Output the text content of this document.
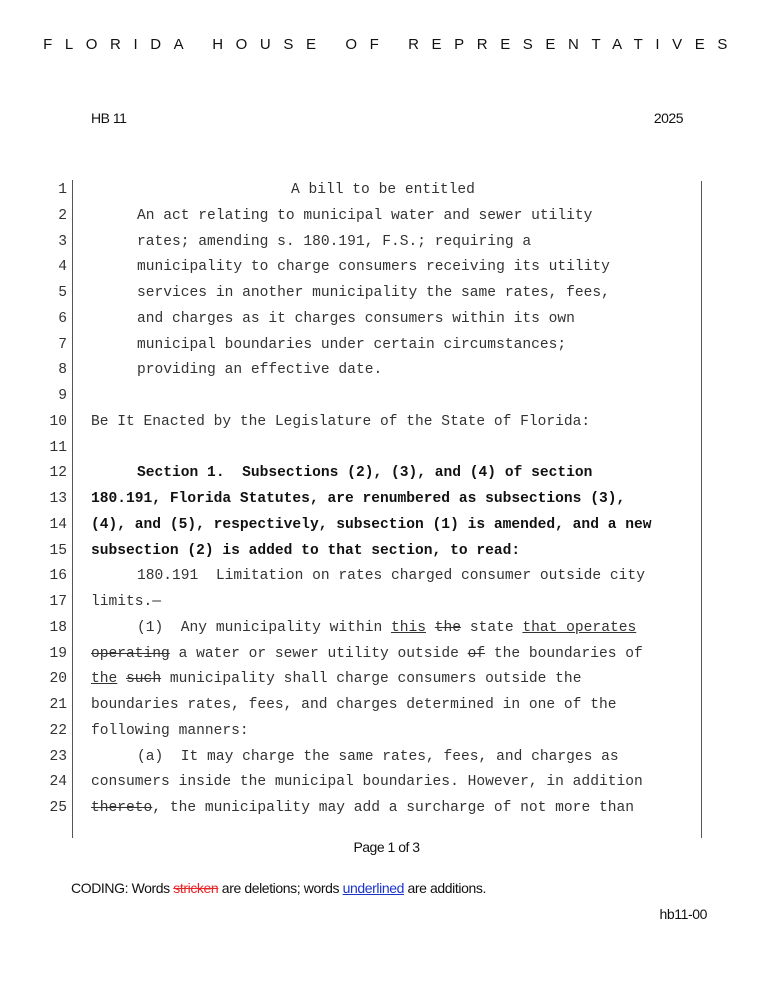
FLORIDA HOUSE OF REPRESENTATIVES
HB 11	2025
1	A bill to be entitled
2	An act relating to municipal water and sewer utility
3	rates; amending s. 180.191, F.S.; requiring a
4	municipality to charge consumers receiving its utility
5	services in another municipality the same rates, fees,
6	and charges as it charges consumers within its own
7	municipal boundaries under certain circumstances;
8	providing an effective date.
9
10 Be It Enacted by the Legislature of the State of Florida:
11
12	Section 1.  Subsections (2), (3), and (4) of section
13 180.191, Florida Statutes, are renumbered as subsections (3),
14 (4), and (5), respectively, subsection (1) is amended, and a new
15 subsection (2) is added to that section, to read:
16	180.191  Limitation on rates charged consumer outside city
17 limits.—
18	(1)  Any municipality within this the state that operates
19 operating a water or sewer utility outside of the boundaries of
20 the such municipality shall charge consumers outside the
21 boundaries rates, fees, and charges determined in one of the
22 following manners:
23	(a)  It may charge the same rates, fees, and charges as
24 consumers inside the municipal boundaries. However, in addition
25 thereto, the municipality may add a surcharge of not more than
Page 1 of 3
CODING: Words stricken are deletions; words underlined are additions.
hb11-00
